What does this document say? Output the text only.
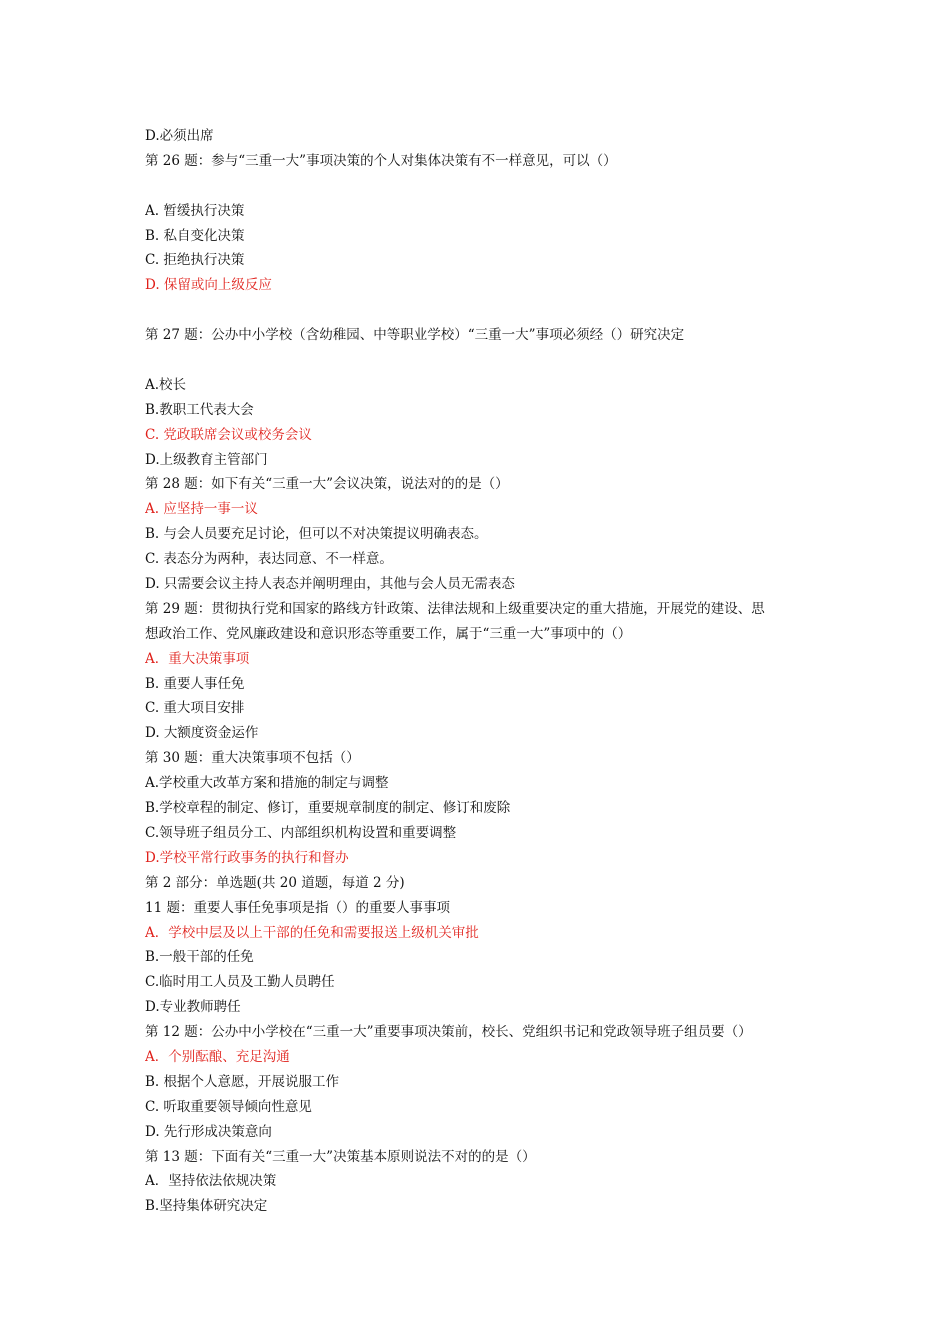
D.必须出席
第 26 题：参与“三重一大”事项决策的个人对集体决策有不一样意见，可以（）
A. 暂缓执行决策
B. 私自变化决策
C. 拒绝执行决策
D. 保留或向上级反应
第 27 题：公办中小学校（含幼稚园、中等职业学校）“三重一大”事项必须经（）研究决定
A.校长
B.教职工代表大会
C. 党政联席会议或校务会议
D.上级教育主管部门
第 28 题：如下有关“三重一大”会议决策，说法对的的是（）
A. 应坚持一事一议
B. 与会人员要充足讨论，但可以不对决策提议明确表态。
C. 表态分为两种，表达同意、不一样意。
D. 只需要会议主持人表态并阐明理由，其他与会人员无需表态
第 29 题：贯彻执行党和国家的路线方针政策、法律法规和上级重要决定的重大措施，开展党的建设、思
想政治工作、党风廉政建设和意识形态等重要工作，属于“三重一大”事项中的（）
A．重大决策事项
B. 重要人事任免
C. 重大项目安排
D. 大额度资金运作
第 30 题：重大决策事项不包括（）
A.学校重大改革方案和措施的制定与调整
B.学校章程的制定、修订，重要规章制度的制定、修订和废除
C.领导班子组员分工、内部组织机构设置和重要调整
D.学校平常行政事务的执行和督办
第 2 部分：单选题(共 20 道题，每道 2 分)
11 题：重要人事任免事项是指（）的重要人事事项
A．学校中层及以上干部的任免和需要报送上级机关审批
B.一般干部的任免
C.临时用工人员及工勤人员聘任
D.专业教师聘任
第 12 题：公办中小学校在“三重一大”重要事项决策前，校长、党组织书记和党政领导班子组员要（）
A．个别酝酿、充足沟通
B. 根据个人意愿，开展说服工作
C. 听取重要领导倾向性意见
D. 先行形成决策意向
第 13 题：下面有关“三重一大”决策基本原则说法不对的的是（）
A．坚持依法依规决策
B.坚持集体研究决定
